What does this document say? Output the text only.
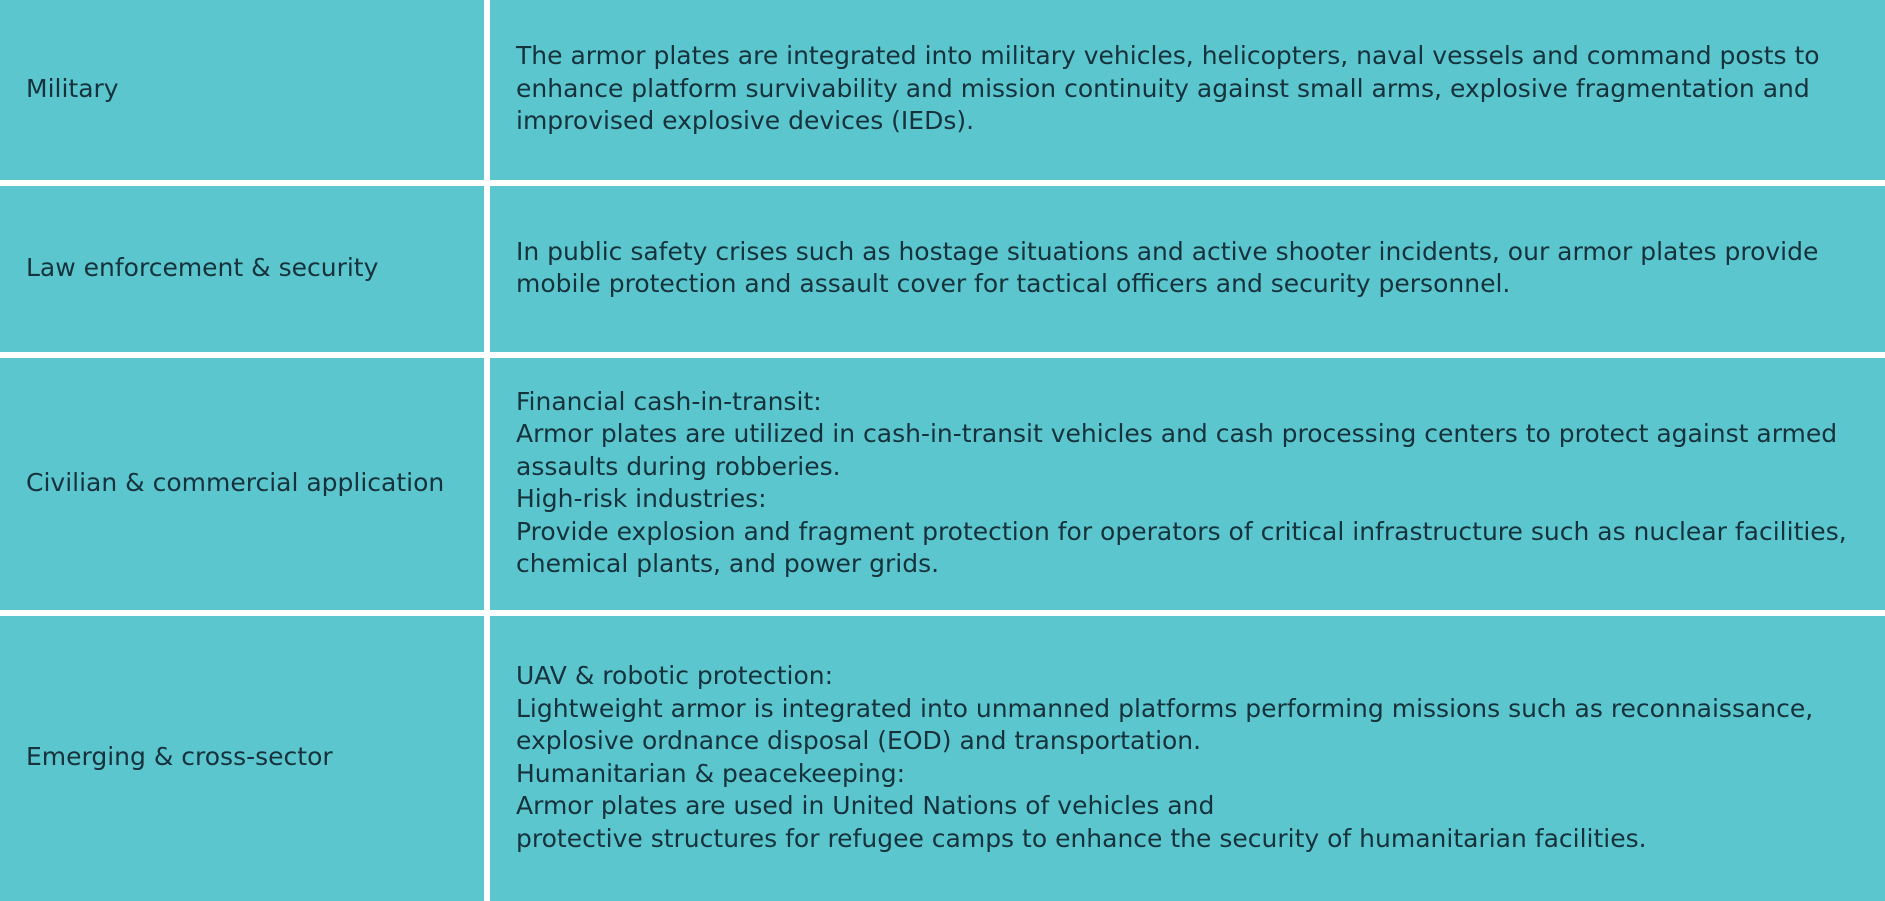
Military	The armor plates are integrated into military vehicles, helicopters, naval vessels and command posts to enhance platform survivability and mission continuity against small arms, explosive fragmentation and improvised explosive devices (IEDs).

Law enforcement & security	In public safety crises such as hostage situations and active shooter incidents, our armor plates provide mobile protection and assault cover for tactical officers and security personnel.

Civilian & commercial application	Financial cash-in-transit:
Armor plates are utilized in cash-in-transit vehicles and cash processing centers to protect against armed assaults during robberies.
High-risk industries:
Provide explosion and fragment protection for operators of critical infrastructure such as nuclear facilities, chemical plants, and power grids.

Emerging & cross-sector	UAV & robotic protection:
Lightweight armor is integrated into unmanned platforms performing missions such as reconnaissance, explosive ordnance disposal (EOD) and transportation.
Humanitarian & peacekeeping:
Armor plates are used in United Nations of vehicles and
protective structures for refugee camps to enhance the security of humanitarian facilities.
